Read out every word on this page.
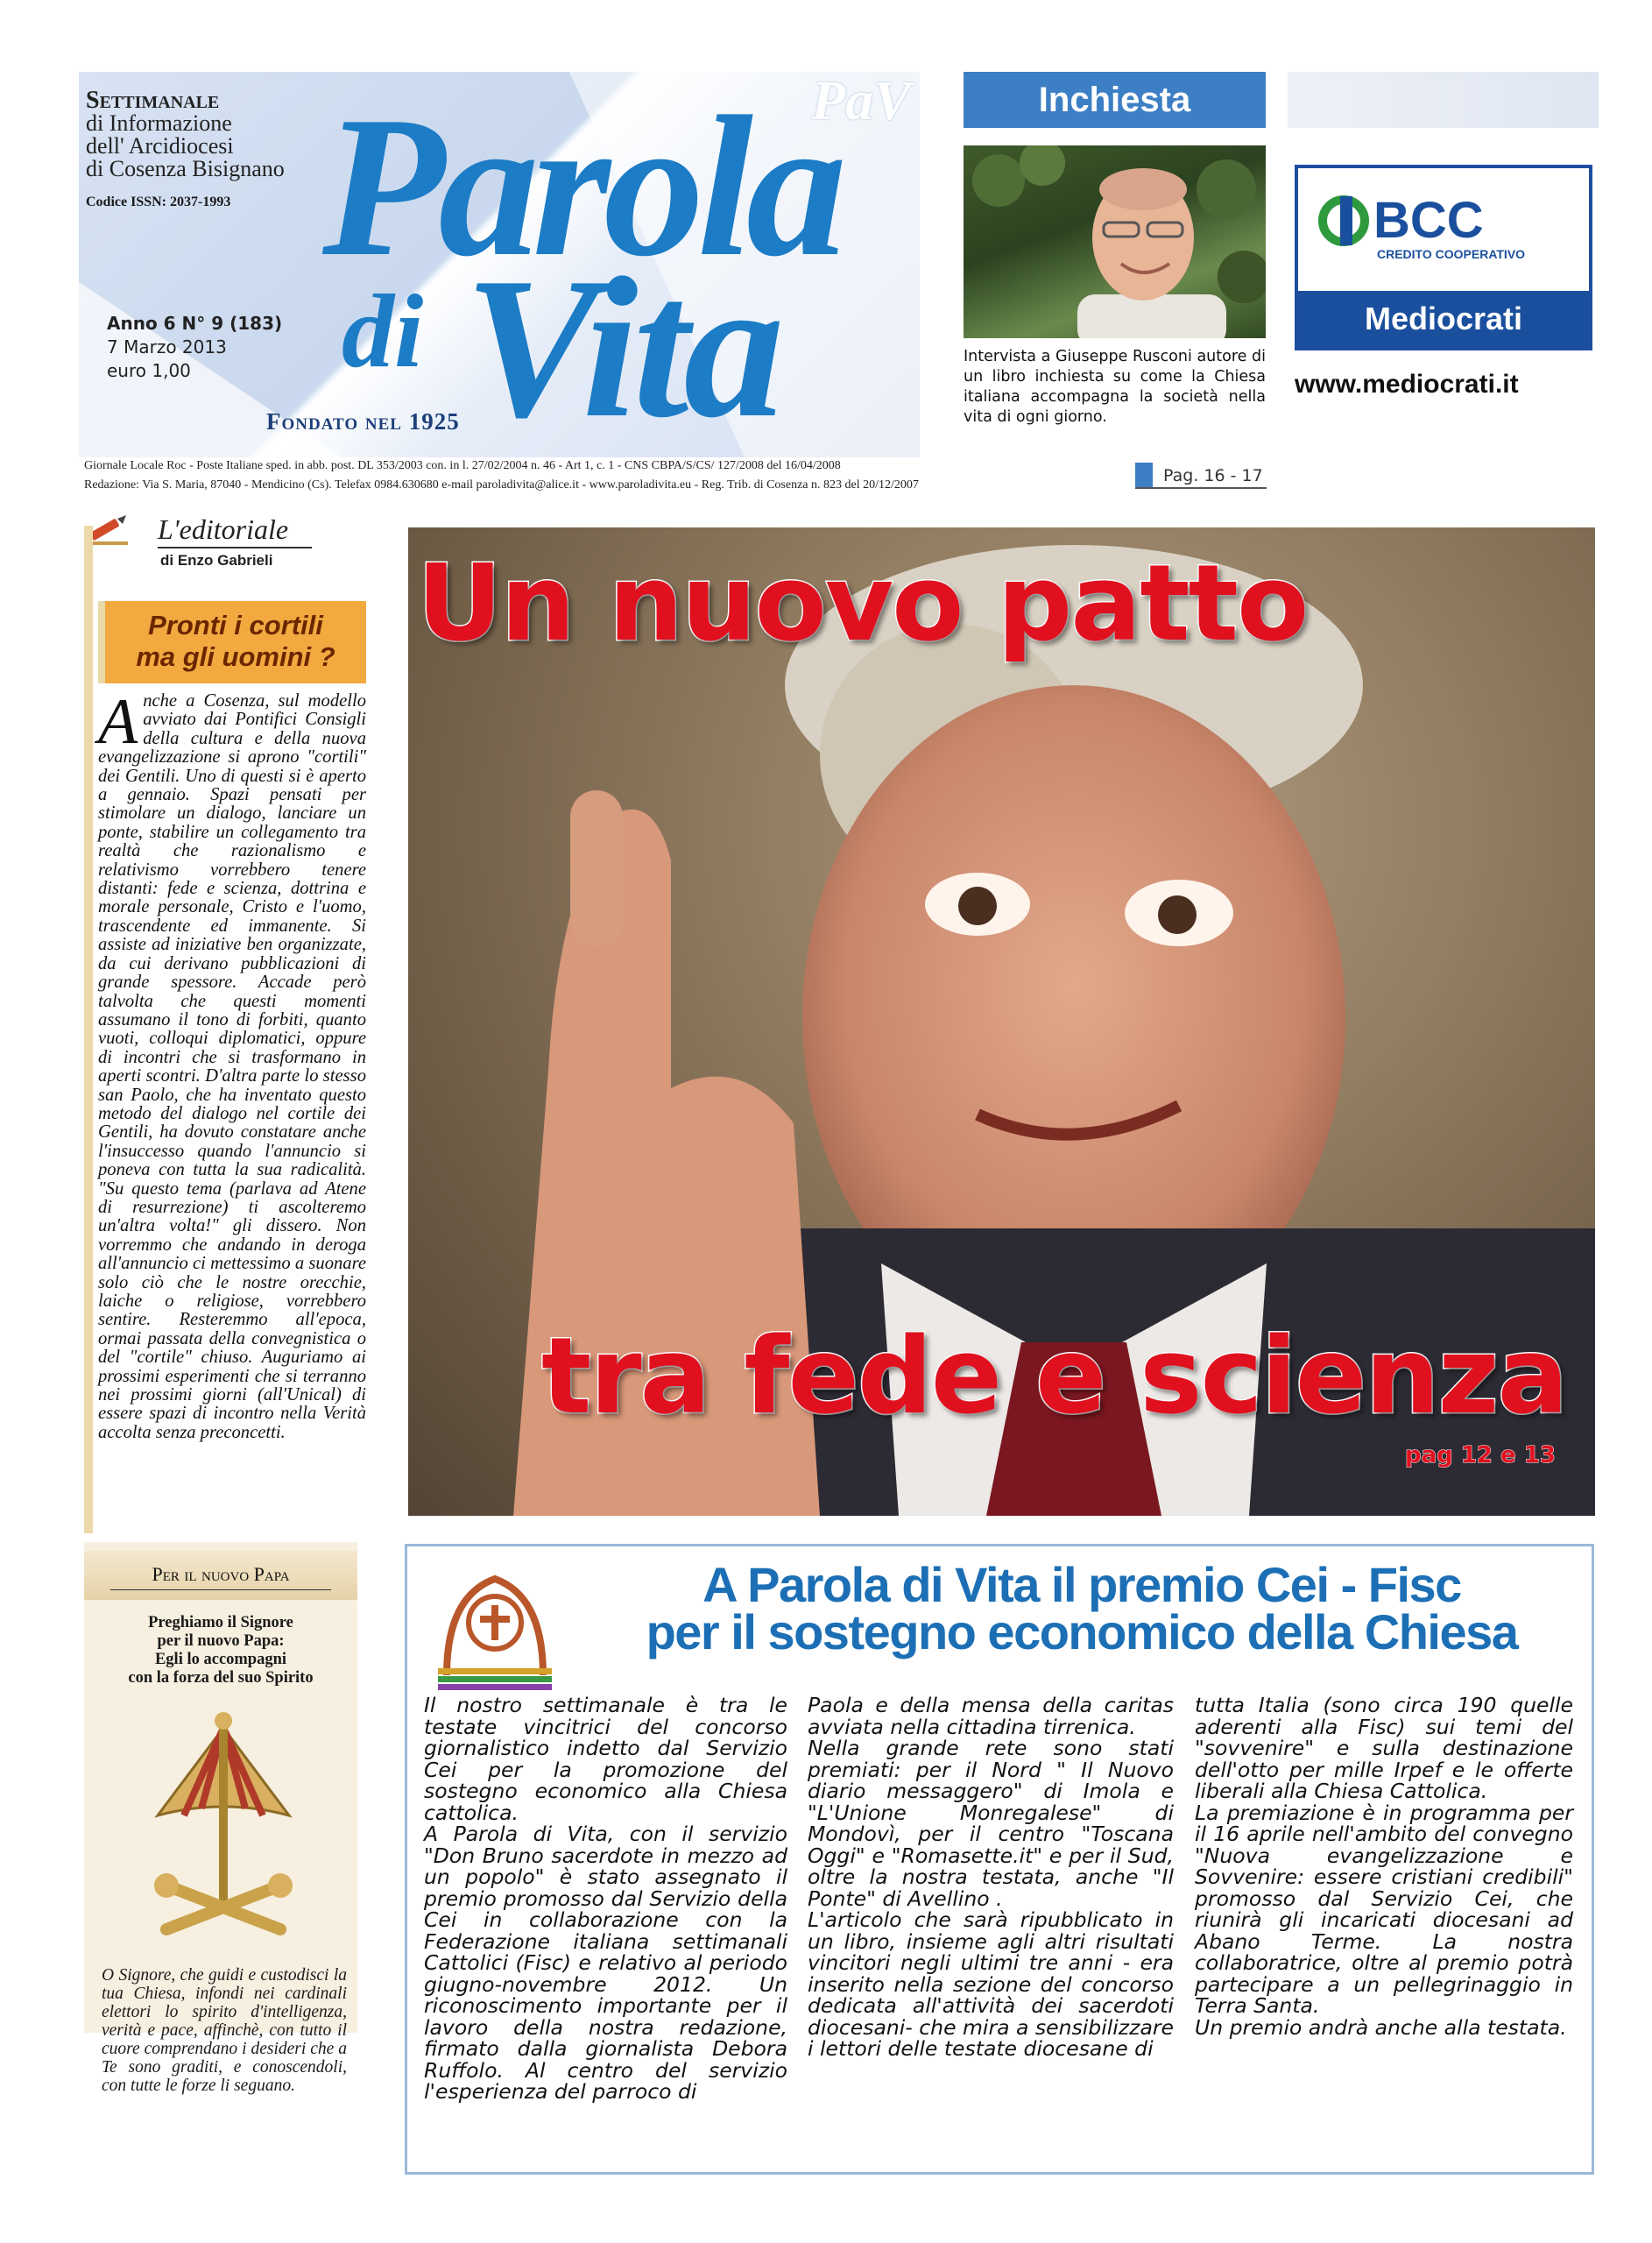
Settimanale
di Informazione
dell' Arcidiocesi
di Cosenza Bisignano
Codice ISSN: 2037-1993 Parola
di Vita
PaV
Anno 6 N° 9 (183)
7 Marzo 2013
euro 1,00
Fondato nel 1925
Giornale Locale Roc - Poste Italiane sped. in abb. post. DL 353/2003 con. in l. 27/02/2004 n. 46 - Art 1, c. 1 - CNS CBPA/S/CS/ 127/2008 del 16/04/2008
Redazione: Via S. Maria, 87040 - Mendicino (Cs). Telefax 0984.630680 e-mail paroladivita@alice.it - www.paroladivita.eu - Reg. Trib. di Cosenza n. 823 del 20/12/2007
Inchiesta
Intervista a Giuseppe Rusconi autore di un libro inchiesta su come la Chiesa italiana accompagna la società nella vita di ogni giorno.
Pag. 16 - 17
BCC
CREDITO COOPERATIVO
Mediocrati
www.mediocrati.it
L'editoriale
di Enzo Gabrieli
Pronti i cortili
ma gli uomini ?
Anche a Cosenza, sul modello avviato dai Pontifici Consigli della cultura e della nuova evangelizzazione si aprono "cortili" dei Gentili. Uno di questi si è aperto a gennaio. Spazi pensati per stimolare un dialogo, lanciare un ponte, stabilire un collegamento tra realtà che razionalismo e relativismo vorrebbero tenere distanti: fede e scienza, dottrina e morale personale, Cristo e l'uomo, trascendente ed immanente. Si assiste ad iniziative ben organizzate, da cui derivano pubblicazioni di grande spessore. Accade però talvolta che questi momenti assumano il tono di forbiti, quanto vuoti, colloqui diplomatici, oppure di incontri che si trasformano in aperti scontri. D'altra parte lo stesso san Paolo, che ha inventato questo metodo del dialogo nel cortile dei Gentili, ha dovuto constatare anche l'insuccesso quando l'annuncio si poneva con tutta la sua radicalità. "Su questo tema (parlava ad Atene di resurrezione) ti ascolteremo un'altra volta!" gli dissero. Non vorremmo che andando in deroga all'annuncio ci mettessimo a suonare solo ciò che le nostre orecchie, laiche o religiose, vorrebbero sentire. Resteremmo all'epoca, ormai passata della convegnistica o del "cortile" chiuso. Auguriamo ai prossimi esperimenti che si terranno nei prossimi giorni (all'Unical) di essere spazi di incontro nella Verità accolta senza preconcetti.
Un nuovo patto
tra fede e scienza
pag 12 e 13
Per il nuovo Papa
Preghiamo il Signore
per il nuovo Papa:
Egli lo accompagni
con la forza del suo Spirito
O Signore, che guidi e custodisci la tua Chiesa, infondi nei cardinali elettori lo spirito d'intelligenza, verità e pace, affinchè, con tutto il cuore comprendano i desideri che a Te sono graditi, e conoscendoli, con tutte le forze li seguano.
A Parola di Vita il premio Cei - Fisc
per il sostegno economico della Chiesa

Il nostro settimanale è tra le testate vincitrici del concorso giornalistico indetto dal Servizio Cei per la promozione del sostegno economico alla Chiesa cattolica.

A Parola di Vita, con il servizio "Don Bruno sacerdote in mezzo ad un popolo" è stato assegnato il premio promosso dal Servizio della Cei in collaborazione con la Federazione italiana settimanali Cattolici (Fisc) e relativo al periodo giugno-novembre 2012. Un riconoscimento importante per il lavoro della nostra redazione, firmato dalla giornalista Debora Ruffolo. Al centro del servizio l'esperienza del parroco di

Paola e della mensa della caritas avviata nella cittadina tirrenica.

Nella grande rete sono stati premiati: per il Nord " Il Nuovo diario messaggero" di Imola e "L'Unione Monregalese" di Mondovì, per il centro "Toscana Oggi" e "Romasette.it" e per il Sud, oltre la nostra testata, anche "Il Ponte" di Avellino .

L'articolo che sarà ripubblicato in un libro, insieme agli altri risultati vincitori negli ultimi tre anni - era inserito nella sezione del concorso dedicata all'attività dei sacerdoti diocesani- che mira a sensibilizzare i lettori delle testate diocesane di

tutta Italia (sono circa 190 quelle aderenti alla Fisc) sui temi del "sovvenire" e sulla destinazione dell'otto per mille Irpef e le offerte liberali alla Chiesa Cattolica.

La premiazione è in programma per il 16 aprile nell'ambito del convegno "Nuova evangelizzazione e Sovvenire: essere cristiani credibili" promosso dal Servizio Cei, che riunirà gli incaricati diocesani ad Abano Terme. La nostra collaboratrice, oltre al premio potrà partecipare a un pellegrinaggio in Terra Santa.

Un premio andrà anche alla testata.
